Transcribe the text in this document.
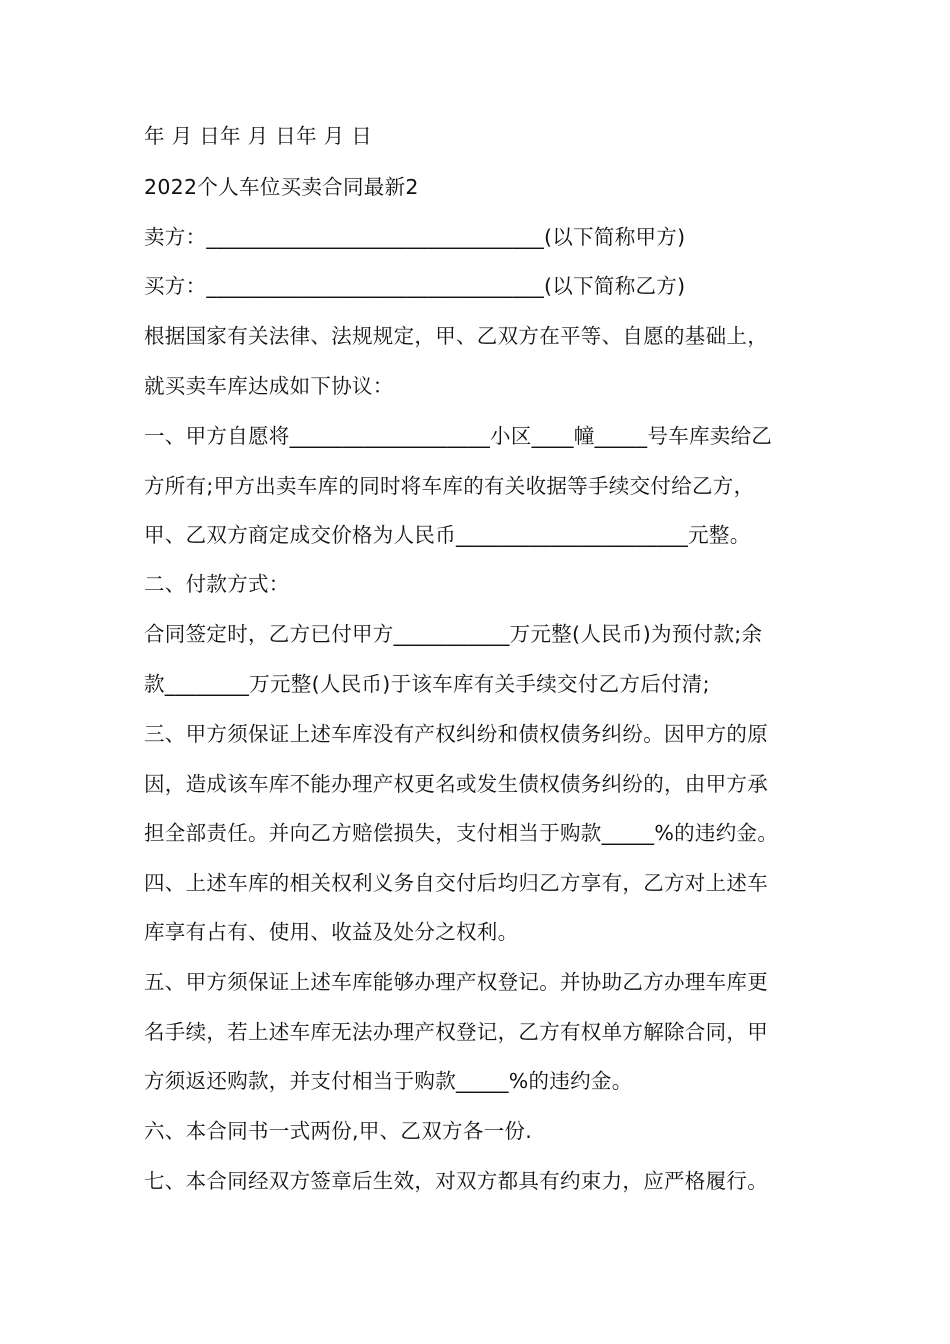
年 月 日年 月 日年 月 日
2022个人车位买卖合同最新2
卖方：________________________________(以下简称甲方)
买方：________________________________(以下简称乙方)
根据国家有关法律、法规规定，甲、乙双方在平等、自愿的基础上，
就买卖车库达成如下协议：
一、甲方自愿将___________________小区____幢_____号车库卖给乙
方所有;甲方出卖车库的同时将车库的有关收据等手续交付给乙方，
甲、乙双方商定成交价格为人民币______________________元整。
二、付款方式：
合同签定时，乙方已付甲方___________万元整(人民币)为预付款;余
款________万元整(人民币)于该车库有关手续交付乙方后付清;
三、甲方须保证上述车库没有产权纠纷和债权债务纠纷。因甲方的原
因，造成该车库不能办理产权更名或发生债权债务纠纷的，由甲方承
担全部责任。并向乙方赔偿损失，支付相当于购款_____%的违约金。
四、上述车库的相关权利义务自交付后均归乙方享有，乙方对上述车
库享有占有、使用、收益及处分之权利。
五、甲方须保证上述车库能够办理产权登记。并协助乙方办理车库更
名手续，若上述车库无法办理产权登记，乙方有权单方解除合同，甲
方须返还购款，并支付相当于购款_____%的违约金。
六、本合同书一式两份,甲、乙双方各一份.
七、本合同经双方签章后生效，对双方都具有约束力，应严格履行。
